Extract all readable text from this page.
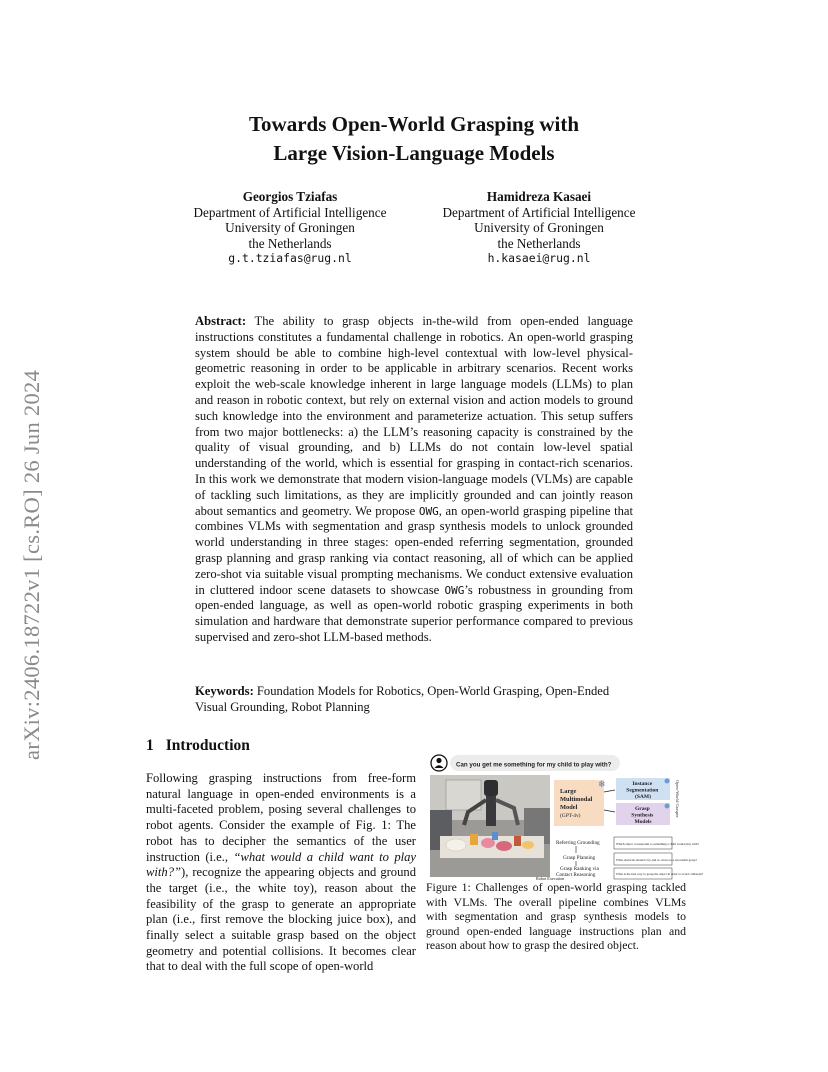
arXiv:2406.18722v1 [cs.RO] 26 Jun 2024
Towards Open-World Grasping with
Large Vision-Language Models
Georgios Tziafas
Department of Artificial Intelligence
University of Groningen
the Netherlands
g.t.tziafas@rug.nl
Hamidreza Kasaei
Department of Artificial Intelligence
University of Groningen
the Netherlands
h.kasaei@rug.nl
Abstract: The ability to grasp objects in-the-wild from open-ended language instructions constitutes a fundamental challenge in robotics. An open-world grasping system should be able to combine high-level contextual with low-level physical-geometric reasoning in order to be applicable in arbitrary scenarios. Recent works exploit the web-scale knowledge inherent in large language models (LLMs) to plan and reason in robotic context, but rely on external vision and action models to ground such knowledge into the environment and parameterize actuation. This setup suffers from two major bottlenecks: a) the LLM’s reasoning capacity is constrained by the quality of visual grounding, and b) LLMs do not contain low-level spatial understanding of the world, which is essential for grasping in contact-rich scenarios. In this work we demonstrate that modern vision-language models (VLMs) are capable of tackling such limitations, as they are implicitly grounded and can jointly reason about semantics and geometry. We propose OWG, an open-world grasping pipeline that combines VLMs with segmentation and grasp synthesis models to unlock grounded world understanding in three stages: open-ended referring segmentation, grounded grasp planning and grasp ranking via contact reasoning, all of which can be applied zero-shot via suitable visual prompting mechanisms. We conduct extensive evaluation in cluttered indoor scene datasets to showcase OWG’s robustness in grounding from open-ended language, as well as open-world robotic grasping experiments in both simulation and hardware that demonstrate superior performance compared to previous supervised and zero-shot LLM-based methods.
Keywords: Foundation Models for Robotics, Open-World Grasping, Open-Ended Visual Grounding, Robot Planning
1 Introduction
Following grasping instructions from free-form natural language in open-ended environments is a multi-faceted problem, posing several challenges to robot agents. Consider the example of Fig. 1: The robot has to decipher the semantics of the user instruction (i.e., “what would a child want to play with?”), recognize the appearing objects and ground the target (i.e., the white toy), reason about the feasibility of the grasp to generate an appropriate plan (i.e., first remove the blocking juice box), and finally select a suitable grasp based on the object geometry and potential collisions. It becomes clear that to deal with the full scope of open-world
Can you get me something for my child to play with?
Large Multimodal Model
(GPT-4v)
❄	Instance Segmentation (SAM)
Grasp Synthesis Models
Open-World Grasper
Referring Grounding
Grasp Planning
Grasp Ranking via
Contact Reasoning
Robot Execution
Which object corresponds to something a child would play with?
What obstacles should I try and re- move to a successful grasp?
What is the best way to grasp the object in order to avoid collisions?
Figure 1: Challenges of open-world grasping tackled with VLMs. The overall pipeline combines VLMs with segmentation and grasp synthesis models to ground open-ended language instructions plan and reason about how to grasp the desired object.
